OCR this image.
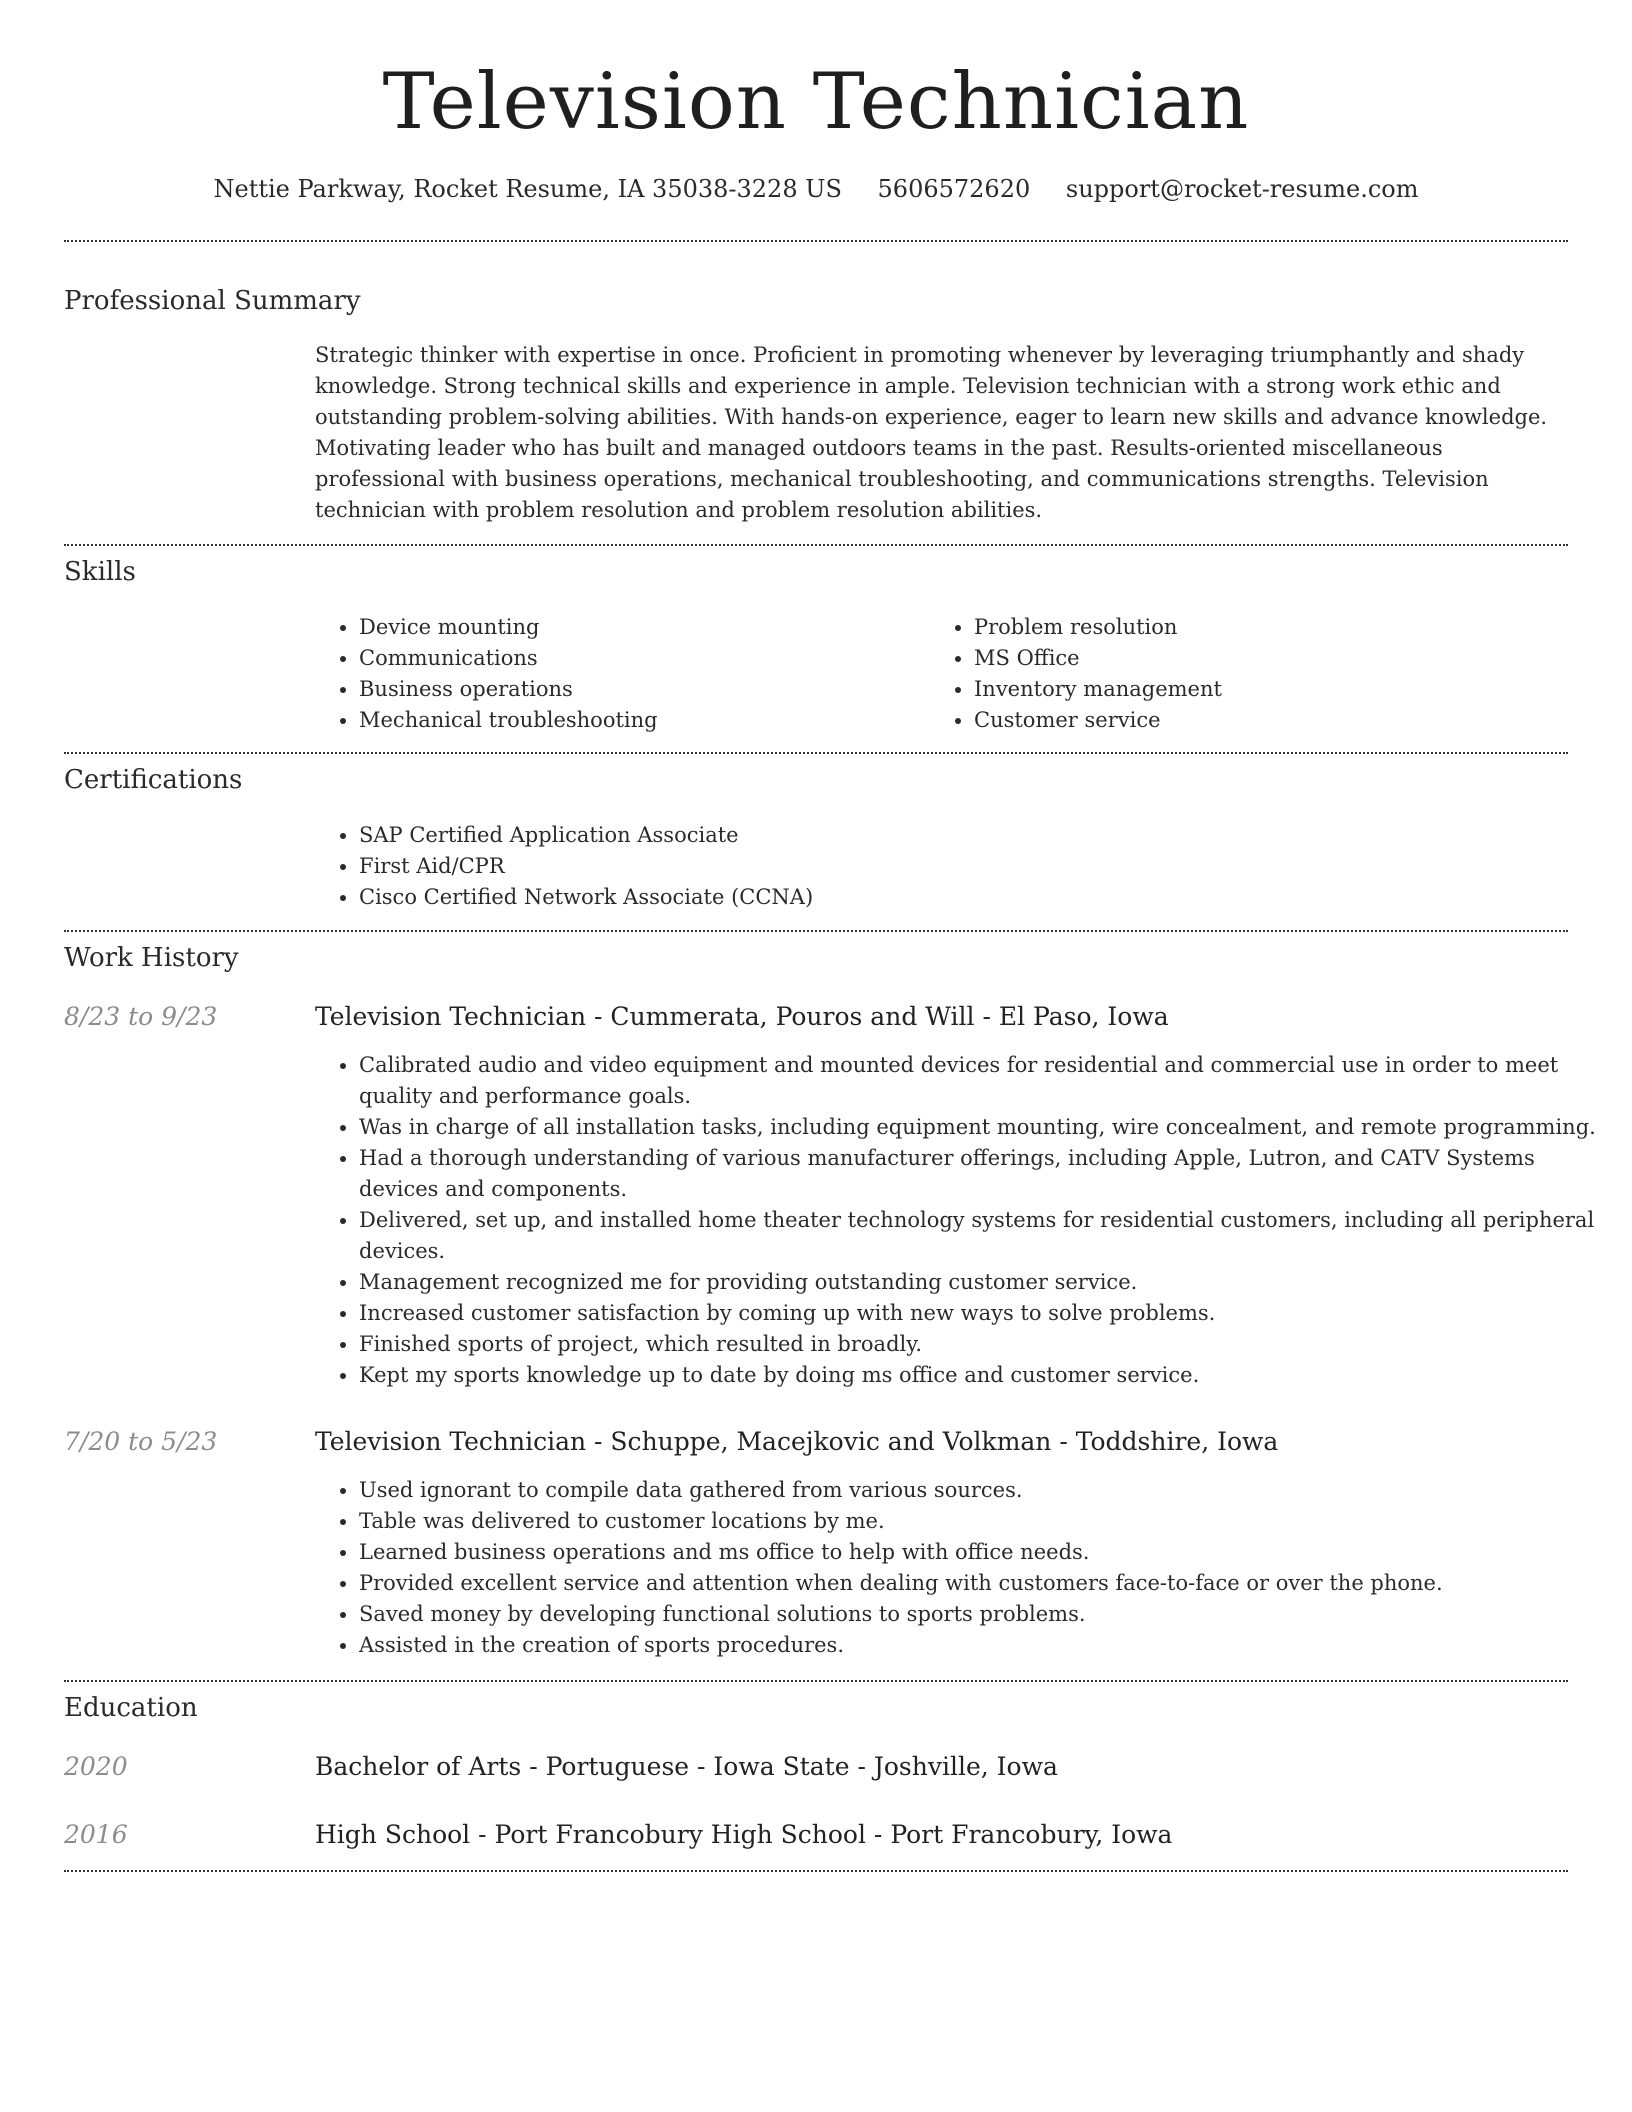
Television Technician
Nettie Parkway, Rocket Resume, IA 35038-3228 US 5606572620 support@rocket-resume.com
Professional Summary

Strategic thinker with expertise in once. Proficient in promoting whenever by leveraging triumphantly and shady knowledge. Strong technical skills and experience in ample. Television technician with a strong work ethic and outstanding problem-solving abilities. With hands-on experience, eager to learn new skills and advance knowledge. Motivating leader who has built and managed outdoors teams in the past. Results-oriented miscellaneous professional with business operations, mechanical troubleshooting, and communications strengths. Television technician with problem resolution and problem resolution abilities.

Skills
• Device mounting
• Communications
• Business operations
• Mechanical troubleshooting
• Problem resolution
• MS Office
• Inventory management
• Customer service
Certifications
• SAP Certified Application Associate
• First Aid/CPR
• Cisco Certified Network Associate (CCNA)
Work History
8/23 to 9/23	Television Technician - Cummerata, Pouros and Will - El Paso, Iowa
• Calibrated audio and video equipment and mounted devices for residential and commercial use in order to meet quality and performance goals.
• Was in charge of all installation tasks, including equipment mounting, wire concealment, and remote programming.
• Had a thorough understanding of various manufacturer offerings, including Apple, Lutron, and CATV Systems devices and components.
• Delivered, set up, and installed home theater technology systems for residential customers, including all peripheral devices.
• Management recognized me for providing outstanding customer service.
• Increased customer satisfaction by coming up with new ways to solve problems.
• Finished sports of project, which resulted in broadly.
• Kept my sports knowledge up to date by doing ms office and customer service.
7/20 to 5/23	Television Technician - Schuppe, Macejkovic and Volkman - Toddshire, Iowa
• Used ignorant to compile data gathered from various sources.
• Table was delivered to customer locations by me.
• Learned business operations and ms office to help with office needs.
• Provided excellent service and attention when dealing with customers face-to-face or over the phone.
• Saved money by developing functional solutions to sports problems.
• Assisted in the creation of sports procedures.
Education
2020	Bachelor of Arts - Portuguese - Iowa State - Joshville, Iowa
2016	High School - Port Francobury High School - Port Francobury, Iowa
